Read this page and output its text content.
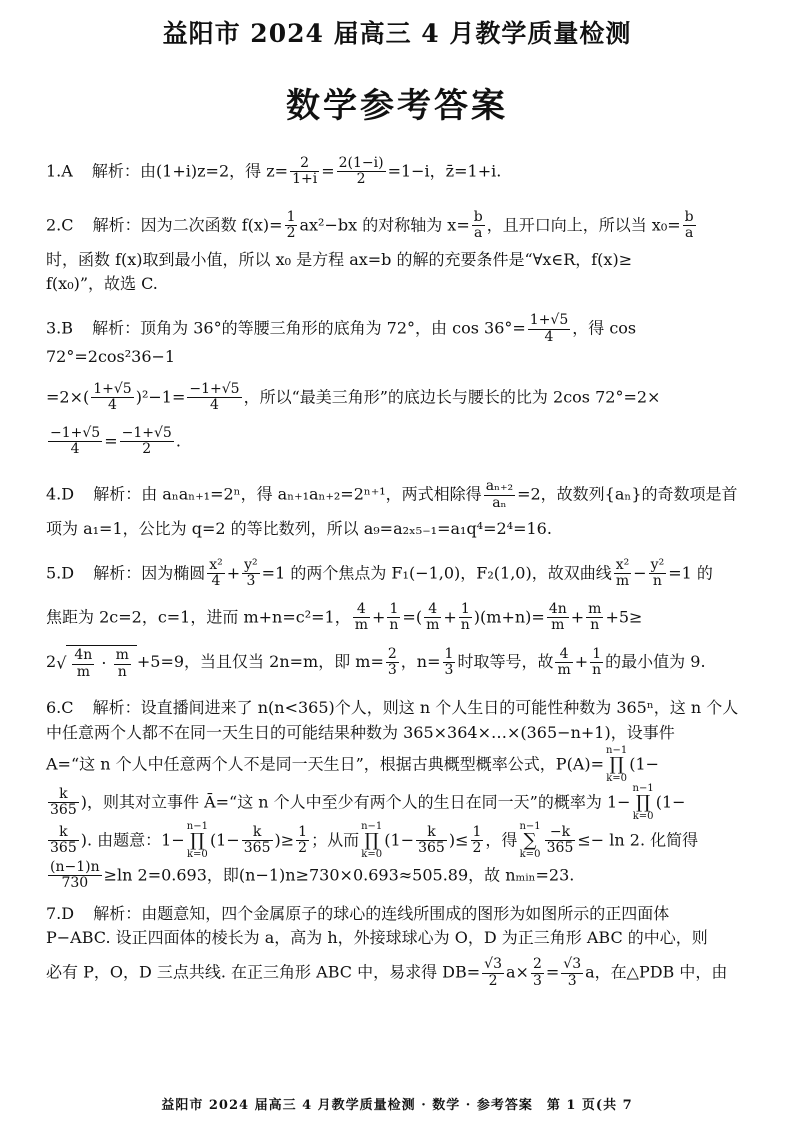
益阳市 2024 届高三 4 月教学质量检测
数学参考答案
1.A 解析：由(1+i)z=2，得 $z= \frac{2}{1+i} = \frac{2(1-i)}{2} =1-i$，z̄=1+i.
2.C 解析：因为二次函数 $f(x)= \frac{1}{2} ax^2-bx$ 的对称轴为 $x= \frac{b}{a}$ ，且开口向上，所以当 $x_0= \frac{b}{a}$
时，函数 f(x)取到最小值，所以 x₀ 是方程 ax=b 的解的充要条件是“∀x∈R，f(x)≥
f(x₀)”，故选 C.
3.B 解析：顶角为 36°的等腰三角形的底角为 72°，由 $\cos 36^\circ= \frac{1+√5}{4}$ ，得 cos 72°=2cos²36−1
$=2\times( \frac{1+√5}{4} )^2-1= \frac{-1+√5}{4}$ ，所以“最美三角形”的底边长与腰长的比为 2cos 72°=2×
$\frac{-1+√5}{4} = \frac{-1+√5}{2}$ .
4.D 解析：由 aₙaₙ₊₁=2ⁿ，得 aₙ₊₁aₙ₊₂=2ⁿ⁺¹，两式相除得 $\frac{\text{aₙ₊₂}}{\text{aₙ}} =2$，故数列{aₙ}的奇数项是首
项为 a₁=1，公比为 q=2 的等比数列，所以 a₉=a₂ₓ₅₋₁=a₁q⁴=2⁴=16.
5.D 解析：因为椭圆 $\frac{\text{x²}}{4} + \frac{\text{y²}}{3} =1$ 的两个焦点为 F₁(−1,0)，F₂(1,0)，故双曲线 $\frac{\text{x²}}{m} - \frac{\text{y²}}{n} =1$ 的
焦距为 2c=2，c=1，进而 m+n=c²=1， $\frac{4}{m} + \frac{1}{n}$ =( $\frac{4}{m} + \frac{1}{n} )(m+n)= \frac{4n}{m} + \frac{m}{n} +5\ge$
$2√ \frac{4n}{m} \cdot \frac{m}{n} +5=9$，当且仅当 2n=m，即 $m= \frac{2}{3}$ ，$n= \frac{1}{3}$ 时取等号，故 $\frac{4}{m} + \frac{1}{n}$ 的最小值为 9.
6.C 解析：设直播间进来了 n(n<365)个人，则这 n 个人生日的可能性种数为 365ⁿ，这 n 个人
中任意两个人都不在同一天生日的可能结果种数为 365×364×…×(365−n+1)，设事件
A=“这 n 个人中任意两个人不是同一天生日”，根据古典概型概率公式，P(A)=n−1
∏
k=0(1−
$\frac{k}{365}$ )，则其对立事件 Ā=“这 n 个人中至少有两个人的生日在同一天”的概率为 1−n−1
∏
k=0(1−
$\frac{k}{365}$ ). 由题意：1−n−1
∏
$k=0(1- \frac{k}{365}$ )≥ $\frac{1}{2}$ ；从而n−1
∏
$k=0(1- \frac{k}{365}$ )≤ $\frac{1}{2}$ ，得n−1
∑
$k=0 \frac{-k}{365} \le- \ln 2$. 化简得
$\frac{(n-1)n}{730} \ge\ln$ 2=0.693，即(n−1)n≥730×0.693≈505.89，故 nₘᵢₙ=23.
7.D 解析：由题意知，四个金属原子的球心的连线所围成的图形为如图所示的正四面体
P−ABC. 设正四面体的棱长为 a，高为 h，外接球球心为 O，D 为正三角形 ABC 的中心，则
必有 P，O，D 三点共线. 在正三角形 ABC 中，易求得 $DB= \frac{√3}{2} a\times \frac{2}{3} = \frac{√3}{3}$ a，在△PDB 中，由
益阳市 2024 届高三 4 月教学质量检测 · 数学 · 参考答案　第 1 页(共 7
